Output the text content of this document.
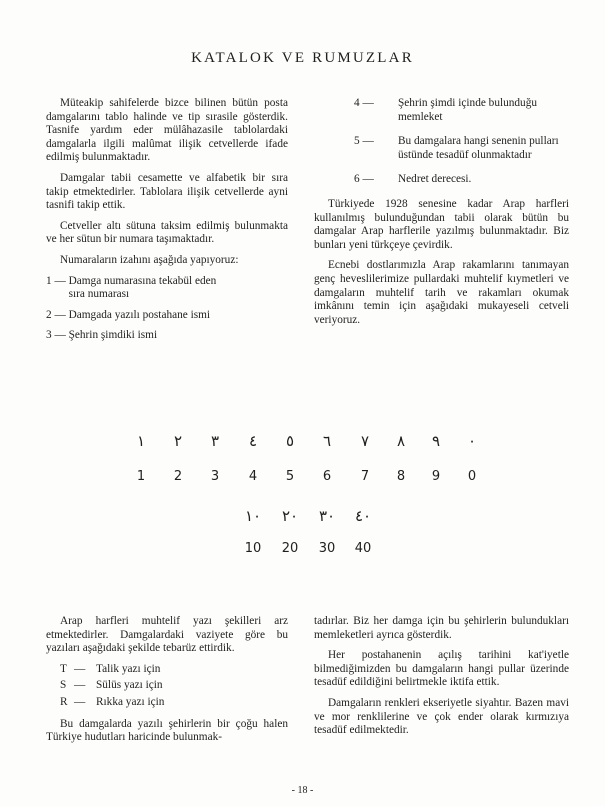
KATALOK VE RUMUZLAR

Müteakip sahifelerde bizce bilinen bütün posta damgalarını tablo halinde ve tip sırasile gösterdik. Tasnife yardım eder mülâhazasile tablolardaki damgalarla ilgili malûmat ilişik cetvellerde ifade edilmiş bulunmaktadır.

Damgalar tabii cesamette ve alfabetik bir sıra takip etmektedirler. Tablolara ilişik cetvellerde ayni tasnifi takip ettik.

Cetveller altı sütuna taksim edilmiş bulunmakta ve her sütun bir numara taşımaktadır.

Numaraların izahını aşağıda yapıyoruz:

1 — Damga numarasına tekabül eden
sıra numarası
2 — Damgada yazılı postahane ismi
3 — Şehrin şimdiki ismi
4 —	Şehrin şimdi içinde bulunduğu memleket
5 —	Bu damgalara hangi senenin pulları üstünde tesadüf olunmaktadır
6 —	Nedret derecesi.

Türkiyede 1928 senesine kadar Arap harfleri kullanılmış bulunduğundan tabii olarak bütün bu damgalar Arap harflerile yazılmış bulunmaktadır. Biz bunları yeni türkçeye çevirdik.

Ecnebi dostlarımızla Arap rakamlarını tanımayan genç heveslilerimize pullardaki muhtelif kıymetleri ve damgaların muhtelif tarih ve rakamları okumak imkânını temin için aşağıdaki mukayeseli cetveli veriyoruz.

١	٢	٣	٤	٥	٦	٧	٨	٩	٠
1	2	3	4	5	6	7	8	9	0
١٠	٢٠	٣٠	٤٠
10	20	30	40

Arap harfleri muhtelif yazı şekilleri arz etmektedirler. Damgalardaki vaziyete göre bu yazıları aşağıdaki şekilde tebarüz ettirdik.

T — Talik yazı için
S — Sülüs yazı için
R — Rıkka yazı için

Bu damgalarda yazılı şehirlerin bir çoğu halen Türkiye hudutları haricinde bulunmak-

tadırlar. Biz her damga için bu şehirlerin bulundukları memleketleri ayrıca gösterdik.

Her postahanenin açılış tarihini kat'iyetle bilmediğimizden bu damgaların hangi pullar üzerinde tesadüf edildiğini belirtmekle iktifa ettik.

Damgaların renkleri ekseriyetle siyahtır. Bazen mavi ve mor renklilerine ve çok ender olarak kırmızıya tesadüf edilmektedir.

- 18 -
